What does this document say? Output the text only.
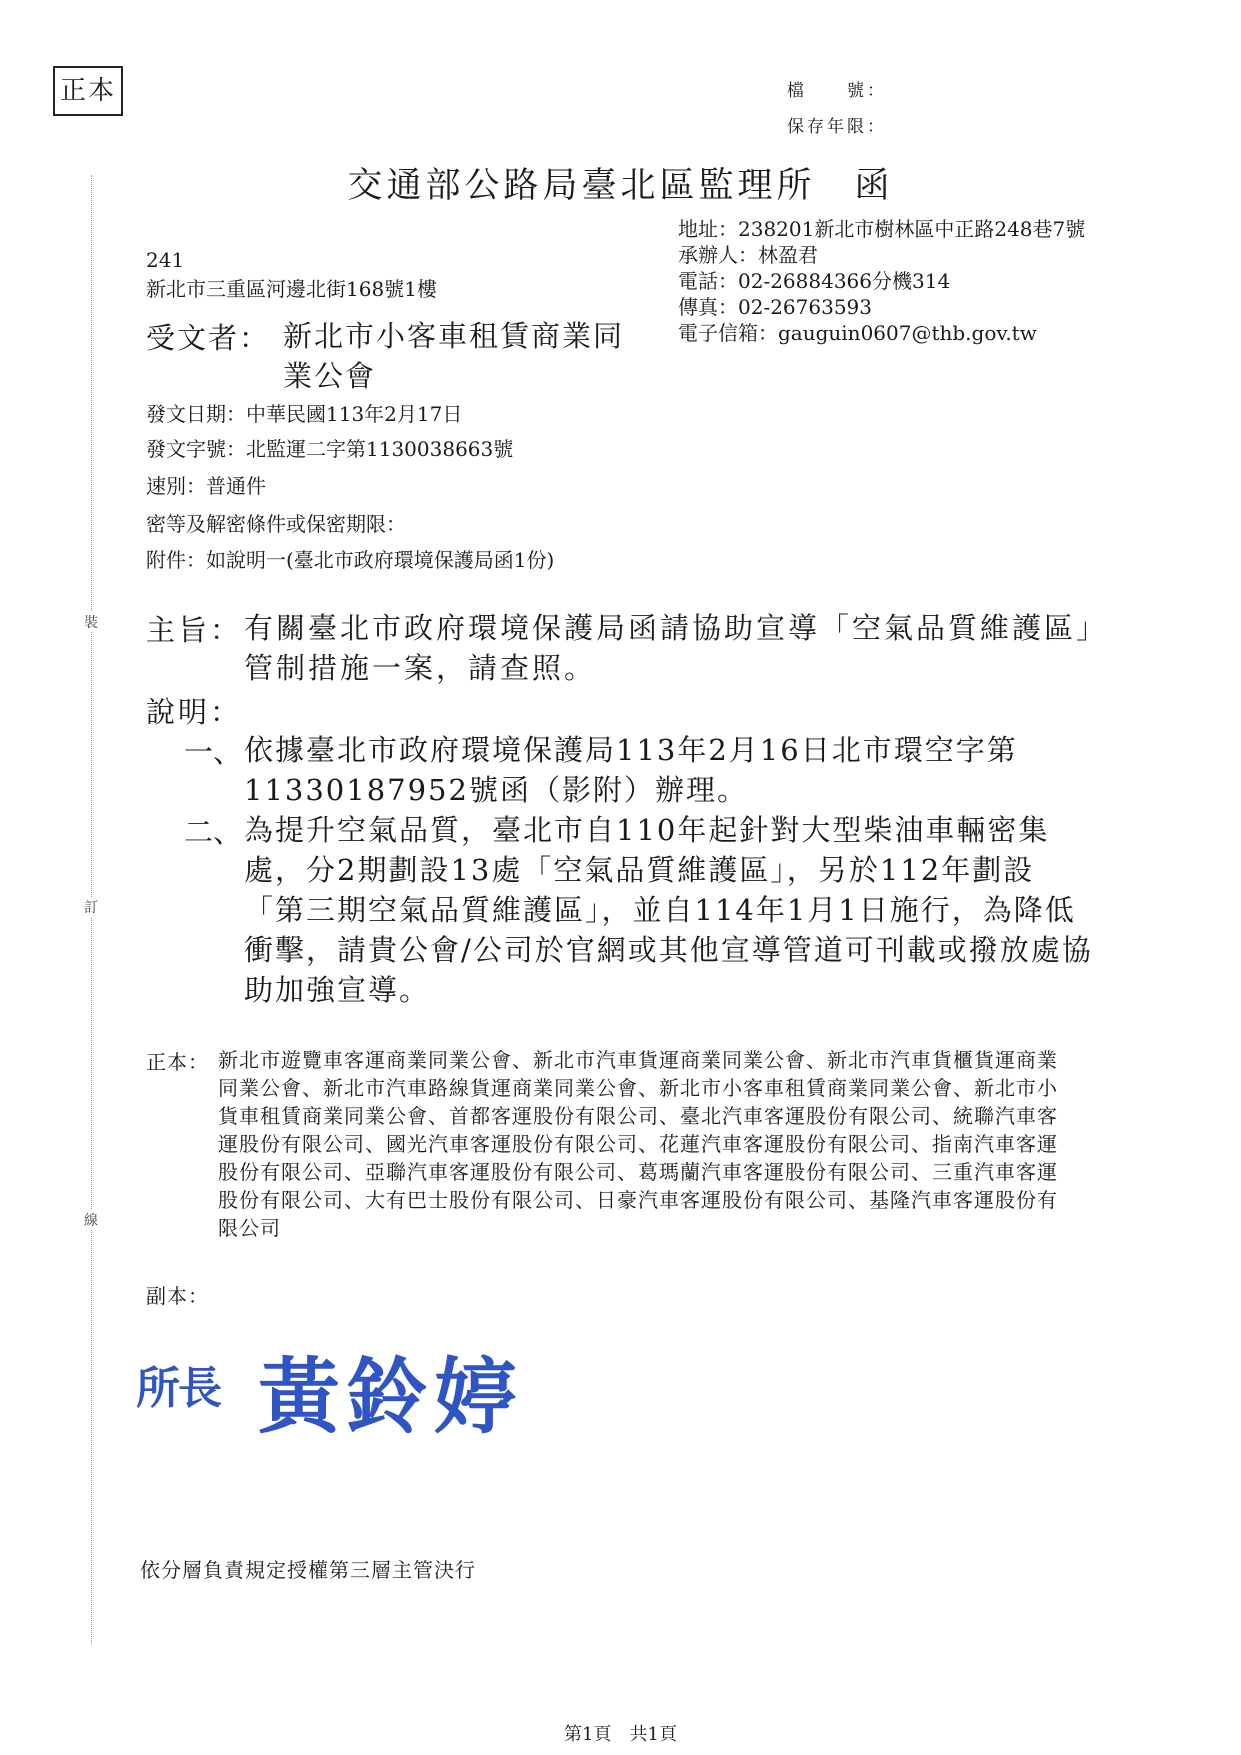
裝
訂
線
正本	檔　　號：
保存年限：
交通部公路局臺北區監理所　函
地址：238201新北市樹林區中正路248巷7號
承辦人：林盈君
電話：02-26884366分機314
傳真：02-26763593
電子信箱：gauguin0607@thb.gov.tw
241
新北市三重區河邊北街168號1樓
受文者： 新北市小客車租賃商業同業公會
發文日期：中華民國113年2月17日
發文字號：北監運二字第1130038663號
速別：普通件
密等及解密條件或保密期限：
附件：如說明一(臺北市政府環境保護局函1份)
主旨： 有關臺北市政府環境保護局函請協助宣導「空氣品質維護區」管制措施一案，請查照。
說明：
一、 依據臺北市政府環境保護局113年2月16日北市環空字第11330187952號函（影附）辦理。
二、 為提升空氣品質，臺北市自110年起針對大型柴油車輛密集處，分2期劃設13處「空氣品質維護區」，另於112年劃設「第三期空氣品質維護區」，並自114年1月1日施行，為降低衝擊，請貴公會/公司於官網或其他宣導管道可刊載或撥放處協助加強宣導。
正本： 新北市遊覽車客運商業同業公會、新北市汽車貨運商業同業公會、新北市汽車貨櫃貨運商業同業公會、新北市汽車路線貨運商業同業公會、新北市小客車租賃商業同業公會、新北市小貨車租賃商業同業公會、首都客運股份有限公司、臺北汽車客運股份有限公司、統聯汽車客運股份有限公司、國光汽車客運股份有限公司、花蓮汽車客運股份有限公司、指南汽車客運股份有限公司、亞聯汽車客運股份有限公司、葛瑪蘭汽車客運股份有限公司、三重汽車客運股份有限公司、大有巴士股份有限公司、日豪汽車客運股份有限公司、基隆汽車客運股份有限公司
副本：
所長 黃鈴婷
依分層負責規定授權第三層主管決行
第1頁　共1頁
